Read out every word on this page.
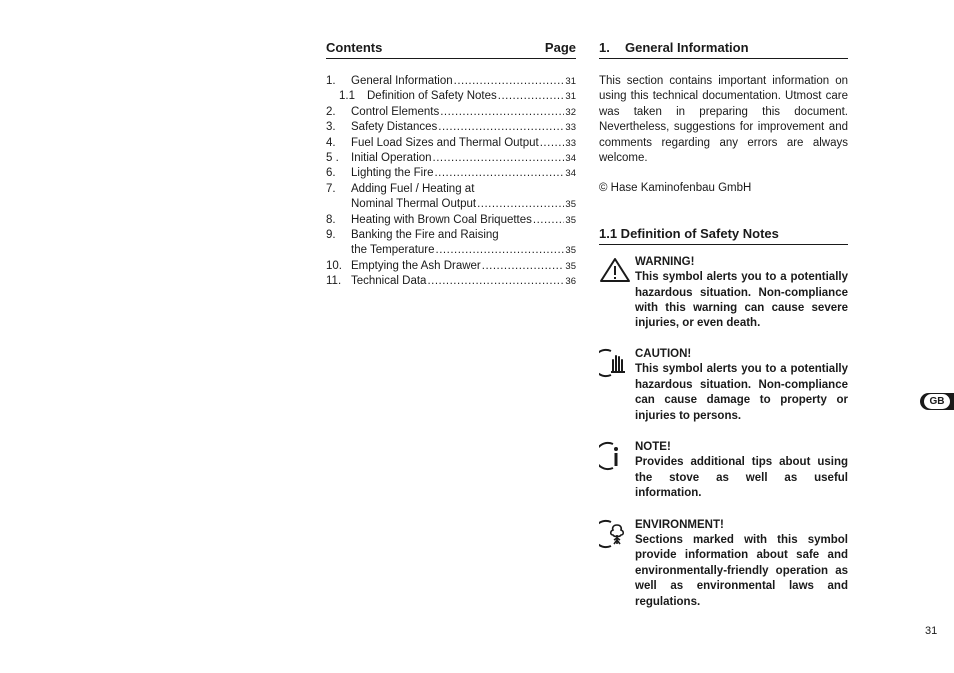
Contents	Page
1.	General Information .....	31
1.1	Definition of Safety Notes .....	31
2.	Control Elements .....	32
3.	Safety Distances .....	33
4.	Fuel Load Sizes and Thermal Output .....	33
5 .	Initial Operation .....	34
6.	Lighting the Fire .....	34
7.	Adding Fuel / Heating at
Nominal Thermal Output .....	35
8.	Heating with Brown Coal Briquettes .....	35
9.	Banking the Fire and Raising
the Temperature .....	35
10. Emptying the Ash Drawer .....	35
11. Technical Data .....	36
1.	General Information

This section contains important information on using this technical documentation. Utmost care was taken in preparing this document. Nevertheless, suggestions for improvement and comments regarding any errors are always welcome.

© Hase Kaminofenbau GmbH
1.1 Definition of Safety Notes
WARNING!
This symbol alerts you to a potentially hazardous situation. Non-compliance with this warning can cause severe injuries, or even death.
CAUTION!
This symbol alerts you to a potentially hazardous situation. Non-compliance can cause damage to property or injuries to persons.
NOTE!
Provides additional tips about using the stove as well as useful information.
ENVIRONMENT!
Sections marked with this symbol provide information about safe and environmentally-friendly operation as well as environmental laws and regulations.
GB
31
